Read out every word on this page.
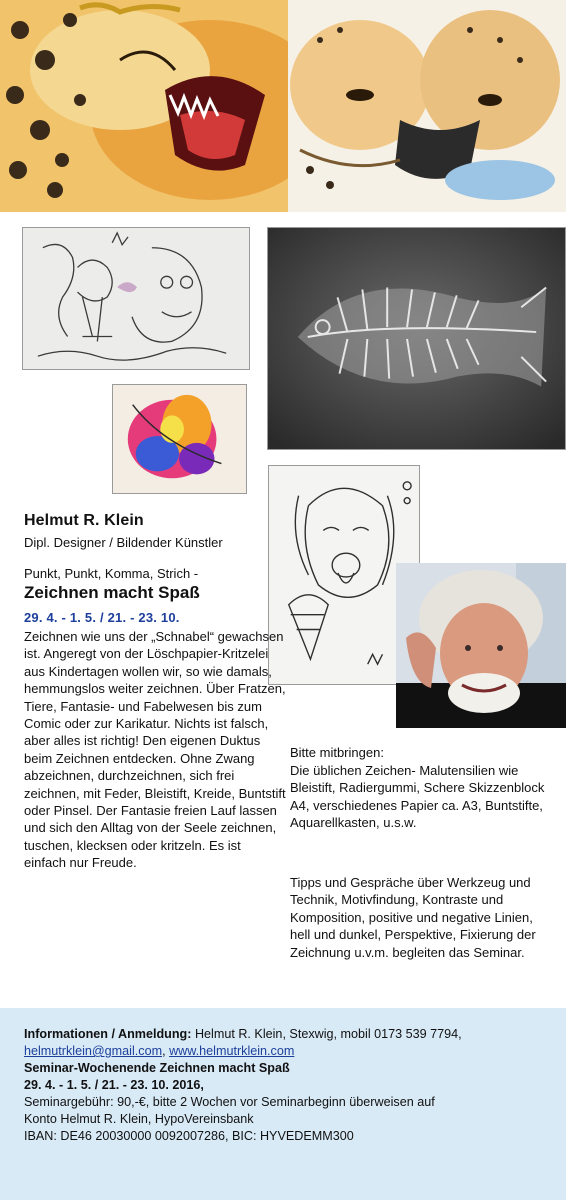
Helmut R. Klein
Dipl. Designer / Bildender Künstler
Punkt, Punkt, Komma, Strich -
Zeichnen macht Spaß
29. 4. - 1. 5. / 21. - 23. 10.
Zeichnen wie uns der „Schnabel“ gewachsen ist. Angeregt von der Löschpapier-Kritzelei aus Kindertagen wollen wir, so wie damals, hemmungslos weiter zeichnen. Über Fratzen, Tiere, Fantasie- und Fabelwesen bis zum Comic oder zur Karikatur. Nichts ist falsch, aber alles ist richtig! Den eigenen Duktus beim Zeichnen entdecken. Ohne Zwang abzeichnen, durchzeichnen, sich frei zeichnen, mit Feder, Bleistift, Kreide, Buntstift oder Pinsel. Der Fantasie freien Lauf lassen und sich den Alltag von der Seele zeichnen, tuschen, klecksen oder kritzeln. Es ist einfach nur Freude.
Bitte mitbringen:
Die üblichen Zeichen- Malutensilien wie Bleistift, Radiergummi, Schere Skizzenblock A4, verschiedenes Papier ca. A3, Buntstifte, Aquarellkasten, u.s.w.
Tipps und Gespräche über Werkzeug und Technik, Motivfindung, Kontraste und Komposition, positive und negative Linien, hell und dunkel, Perspektive, Fixierung der Zeichnung u.v.m. begleiten das Seminar.
Informationen / Anmeldung: Helmut R. Klein, Stexwig, mobil 0173 539 7794,
helmutrklein@gmail.com, www.helmutrklein.com
Seminar-Wochenende Zeichnen macht Spaß
29. 4. - 1. 5. / 21. - 23. 10. 2016,
Seminargebühr: 90,-€, bitte 2 Wochen vor Seminarbeginn überweisen auf
Konto Helmut R. Klein, HypoVereinsbank
IBAN: DE46 20030000 0092007286, BIC: HYVEDEMM300
